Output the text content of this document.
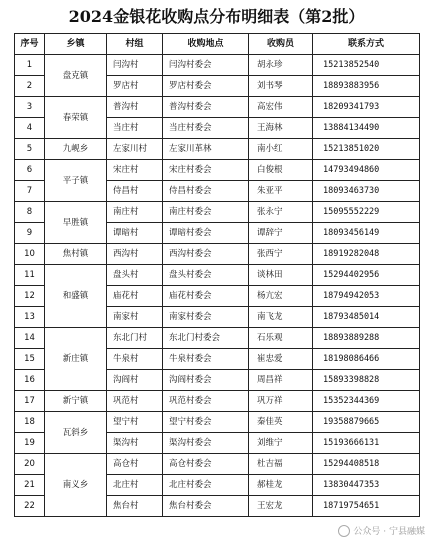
2024金银花收购点分布明细表（第2批）
序号	乡镇	村组	收购地点	收购员	联系方式
1	盘克镇	闫沟村	闫沟村委会	胡永珍	15213852540
2		罗店村	罗店村委会	刘书琴	18893883956
3	春荣镇	普沟村	普沟村委会	高宏伟	18209341793
4		当庄村	当庄村委会	王海林	13884134490
5	九岘乡	左家川村	左家川革林	南小红	15213851020
6	平子镇	宋庄村	宋庄村委会	白俊根	14793494860
7		侍昌村	侍昌村委会	朱亚平	18093463730
8	早胜镇	南庄村	南庄村委会	张永宁	15095552229
9		谭暗村	谭暗村委会	谭辞宁	18093456149
10	焦村镇	西沟村	西沟村委会	张西宁	18919282048
11	和盛镇	盘头村	盘头村委会	谈林田	15294402956
12		庙花村	庙花村委会	杨亢宏	18794942053
13		南家村	南家村委会	南飞龙	18793485014
14	新庄镇	东北门村	东北门村委会	石乐观	18893889288
15		牛泉村	牛泉村委会	崔忠爱	18198086466
16		沟阎村	沟阎村委会	周昌祥	15893398828
17	新宁镇	巩范村	巩范村委会	巩万祥	15352344369
18	瓦斜乡	望宁村	望宁村委会	秦佳英	19358879665
19		渠沟村	渠沟村委会	刘维宁	15193666131
20	南义乡	高仓村	高仓村委会	杜吉福	15294408518
21		北庄村	北庄村委会	郝桂龙	13830447353
22		焦台村	焦台村委会	王宏龙	18719754651
公众号 · 宁县融媒
